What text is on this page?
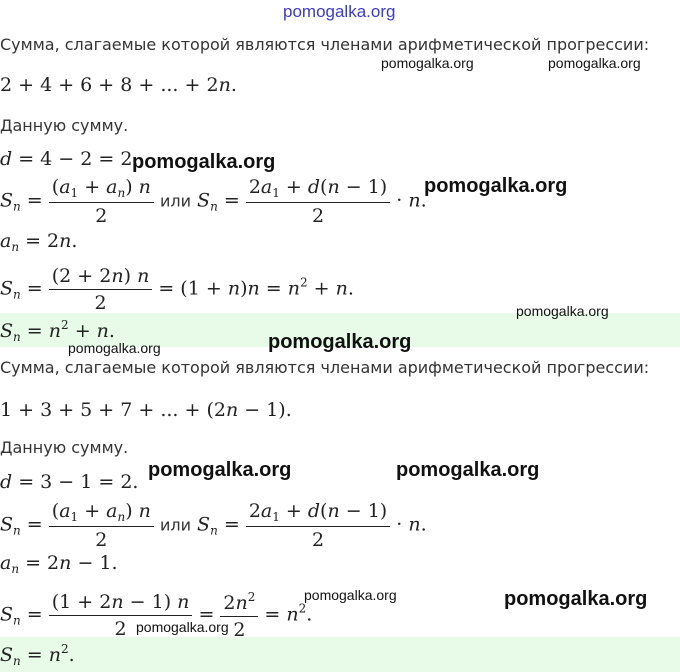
pomogalka.org
Сумма, слагаемые которой являются членами арифметической прогрессии:
2 + 4 + 6 + 8 + ... + 2n.
Данную сумму.
d = 4 − 2 = 2.
$S_n = \frac{(a_1 + a_n) n}{2}$ или $S_n = \frac{2a_1 + d(n - 1)}{2} \cdot n$.
$a_n = 2n$.
$S_n = \frac{(2 + 2n) n}{2} = (1 + n)n = n^2 + n$.
$S_n = n^2 + n$.
Сумма, слагаемые которой являются членами арифметической прогрессии:
1 + 3 + 5 + 7 + ... + (2n − 1).
Данную сумму.
d = 3 − 1 = 2.
$S_n = \frac{(a_1 + a_n) n}{2}$ или $S_n = \frac{2a_1 + d(n - 1)}{2} \cdot n$.
$a_n = 2n - 1$.
$S_n = \frac{(1 + 2n - 1) n}{2} = \frac{2n^2}{2} = n^2$.
$S_n = n^2$.
pomogalka.org	pomogalka.org
pomogalka.org
pomogalka.org
pomogalka.org
pomogalka.org
pomogalka.org
pomogalka.org	pomogalka.org
pomogalka.org	pomogalka.org
pomogalka.org
